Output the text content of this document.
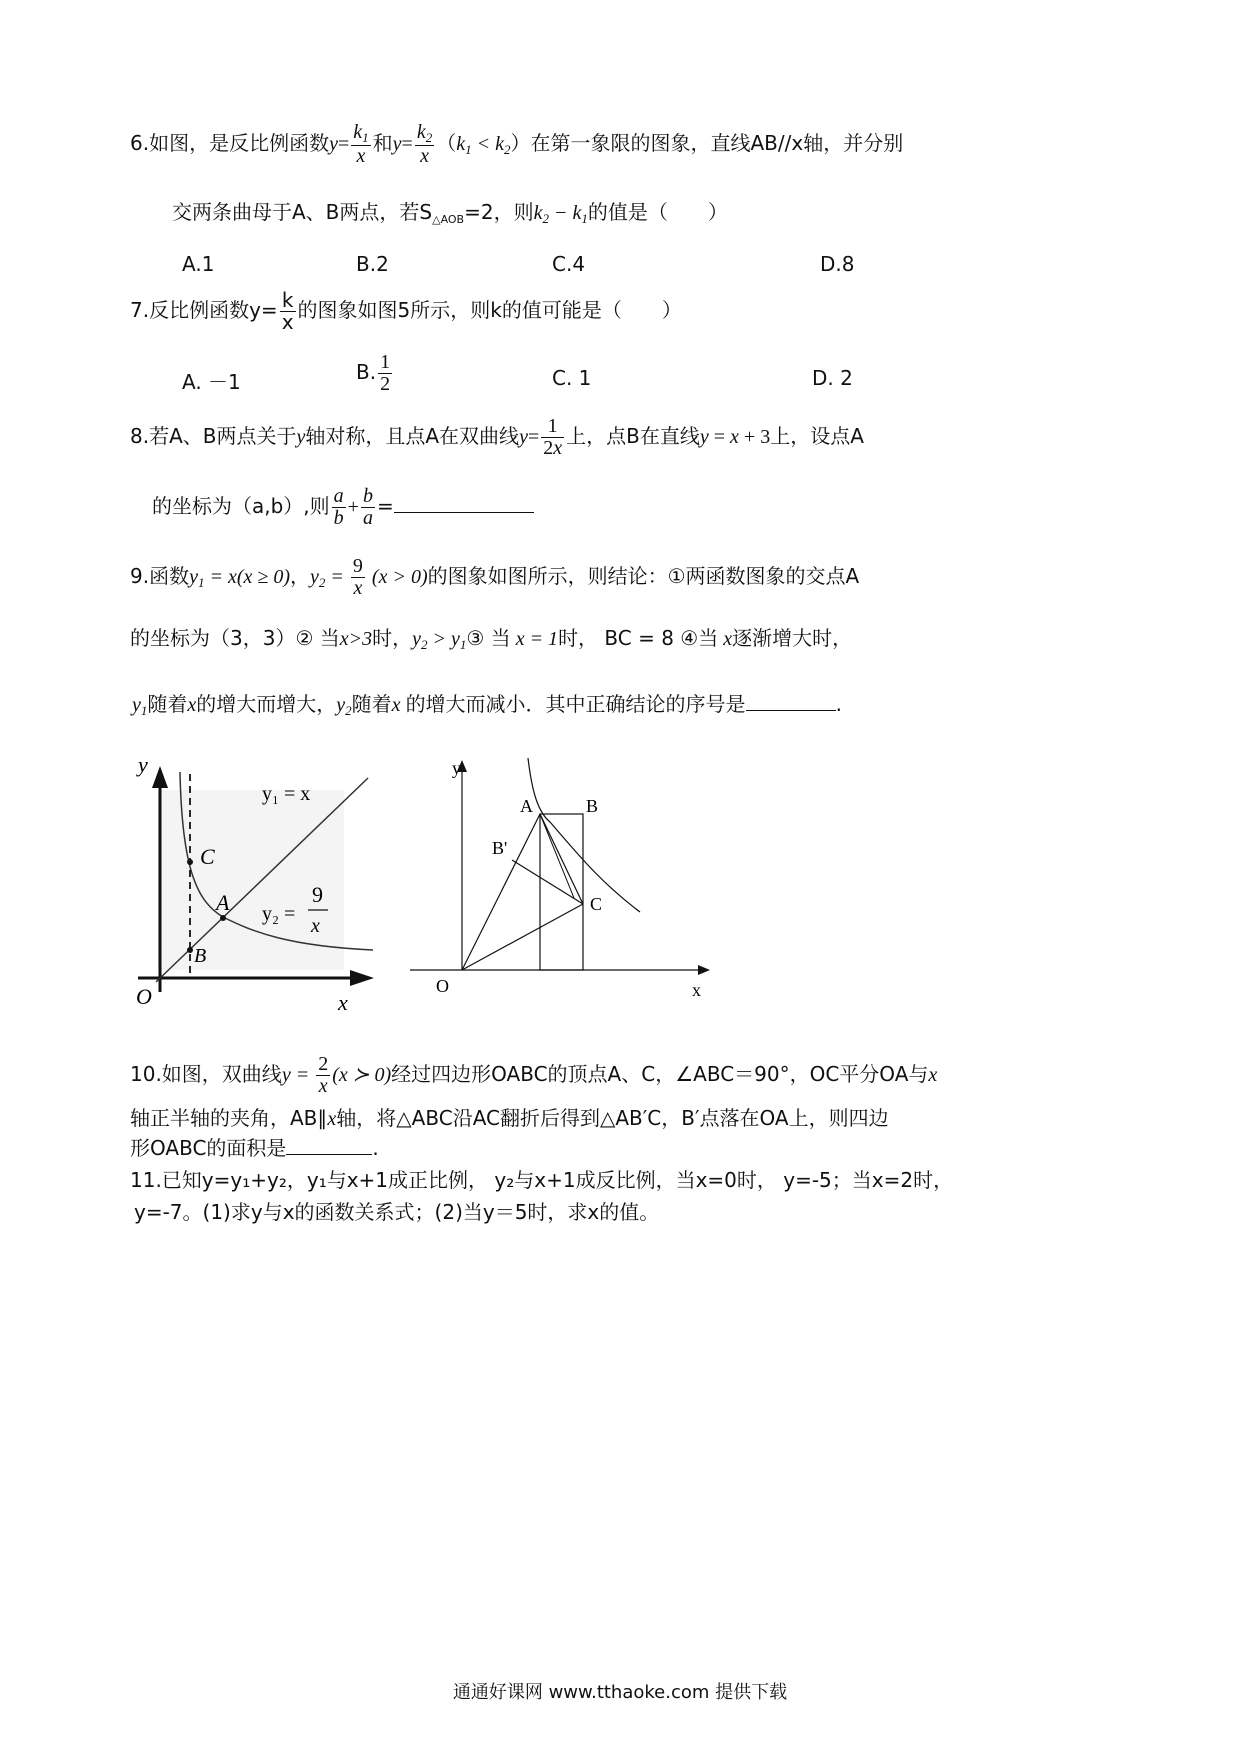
6.如图，是反比例函数$y= \frac{k_1}{x}$ 和$y= \frac{k_2}{x} (k_1 < k_2)$在第一象限的图象，直线AB//x轴，并分别
交两条曲母于A、B两点，若$S_{\triangle AOB}=2$，则$k_2 - k_1$的值是（　　）
A.1	B.2	C.4	D.8
7.反比例函数$y= \frac{k}{x}$ 的图象如图5所示，则k的值可能是（　　）
A. －1	B. $\frac{1}{2}$	C. 1	D. 2
8.若A、B两点关于y轴对称，且点A在双曲线$y= \frac{1}{2x}$ 上，点B在直线y = x + 3上，设点A
的坐标为（a,b）,则 $\frac{a}{b} + \frac{b}{a}$ =
9.函数$y_1 = x(x \ge 0)$，$y_2 = \frac{9}{x} (x > 0)$的图象如图所示，则结论：①两函数图象的交点A
的坐标为（3，3）② 当x>3时，$y_2$ > $y_1③$ 当 x = 1时， BC = 8 ④当 x逐渐增大时，
$y_1$随着x的增大而增大，$y_2$随着x 的增大而减小．其中正确结论的序号是	.
y
x
O
C
A
B
y₁ = x
y₂ =
9
x
y
x
O
A	B
B'
C
10.如图，双曲线$y = \frac{2}{x} (x$ ≻ 0)经过四边形OABC的顶点A、C，∠ABC＝90°，OC平分OA与x
轴正半轴的夹角，AB∥x轴，将△ABC沿AC翻折后得到△AB′C，B′点落在OA上，则四边
形OABC的面积是	.
11.已知y=y₁+y₂，y₁与x+1成正比例， y₂与x+1成反比例，当x=0时， y=-5；当x=2时，
y=-7。(1)求y与x的函数关系式；(2)当y＝5时，求x的值。
通通好课网 www.tthaoke.com 提供下载
